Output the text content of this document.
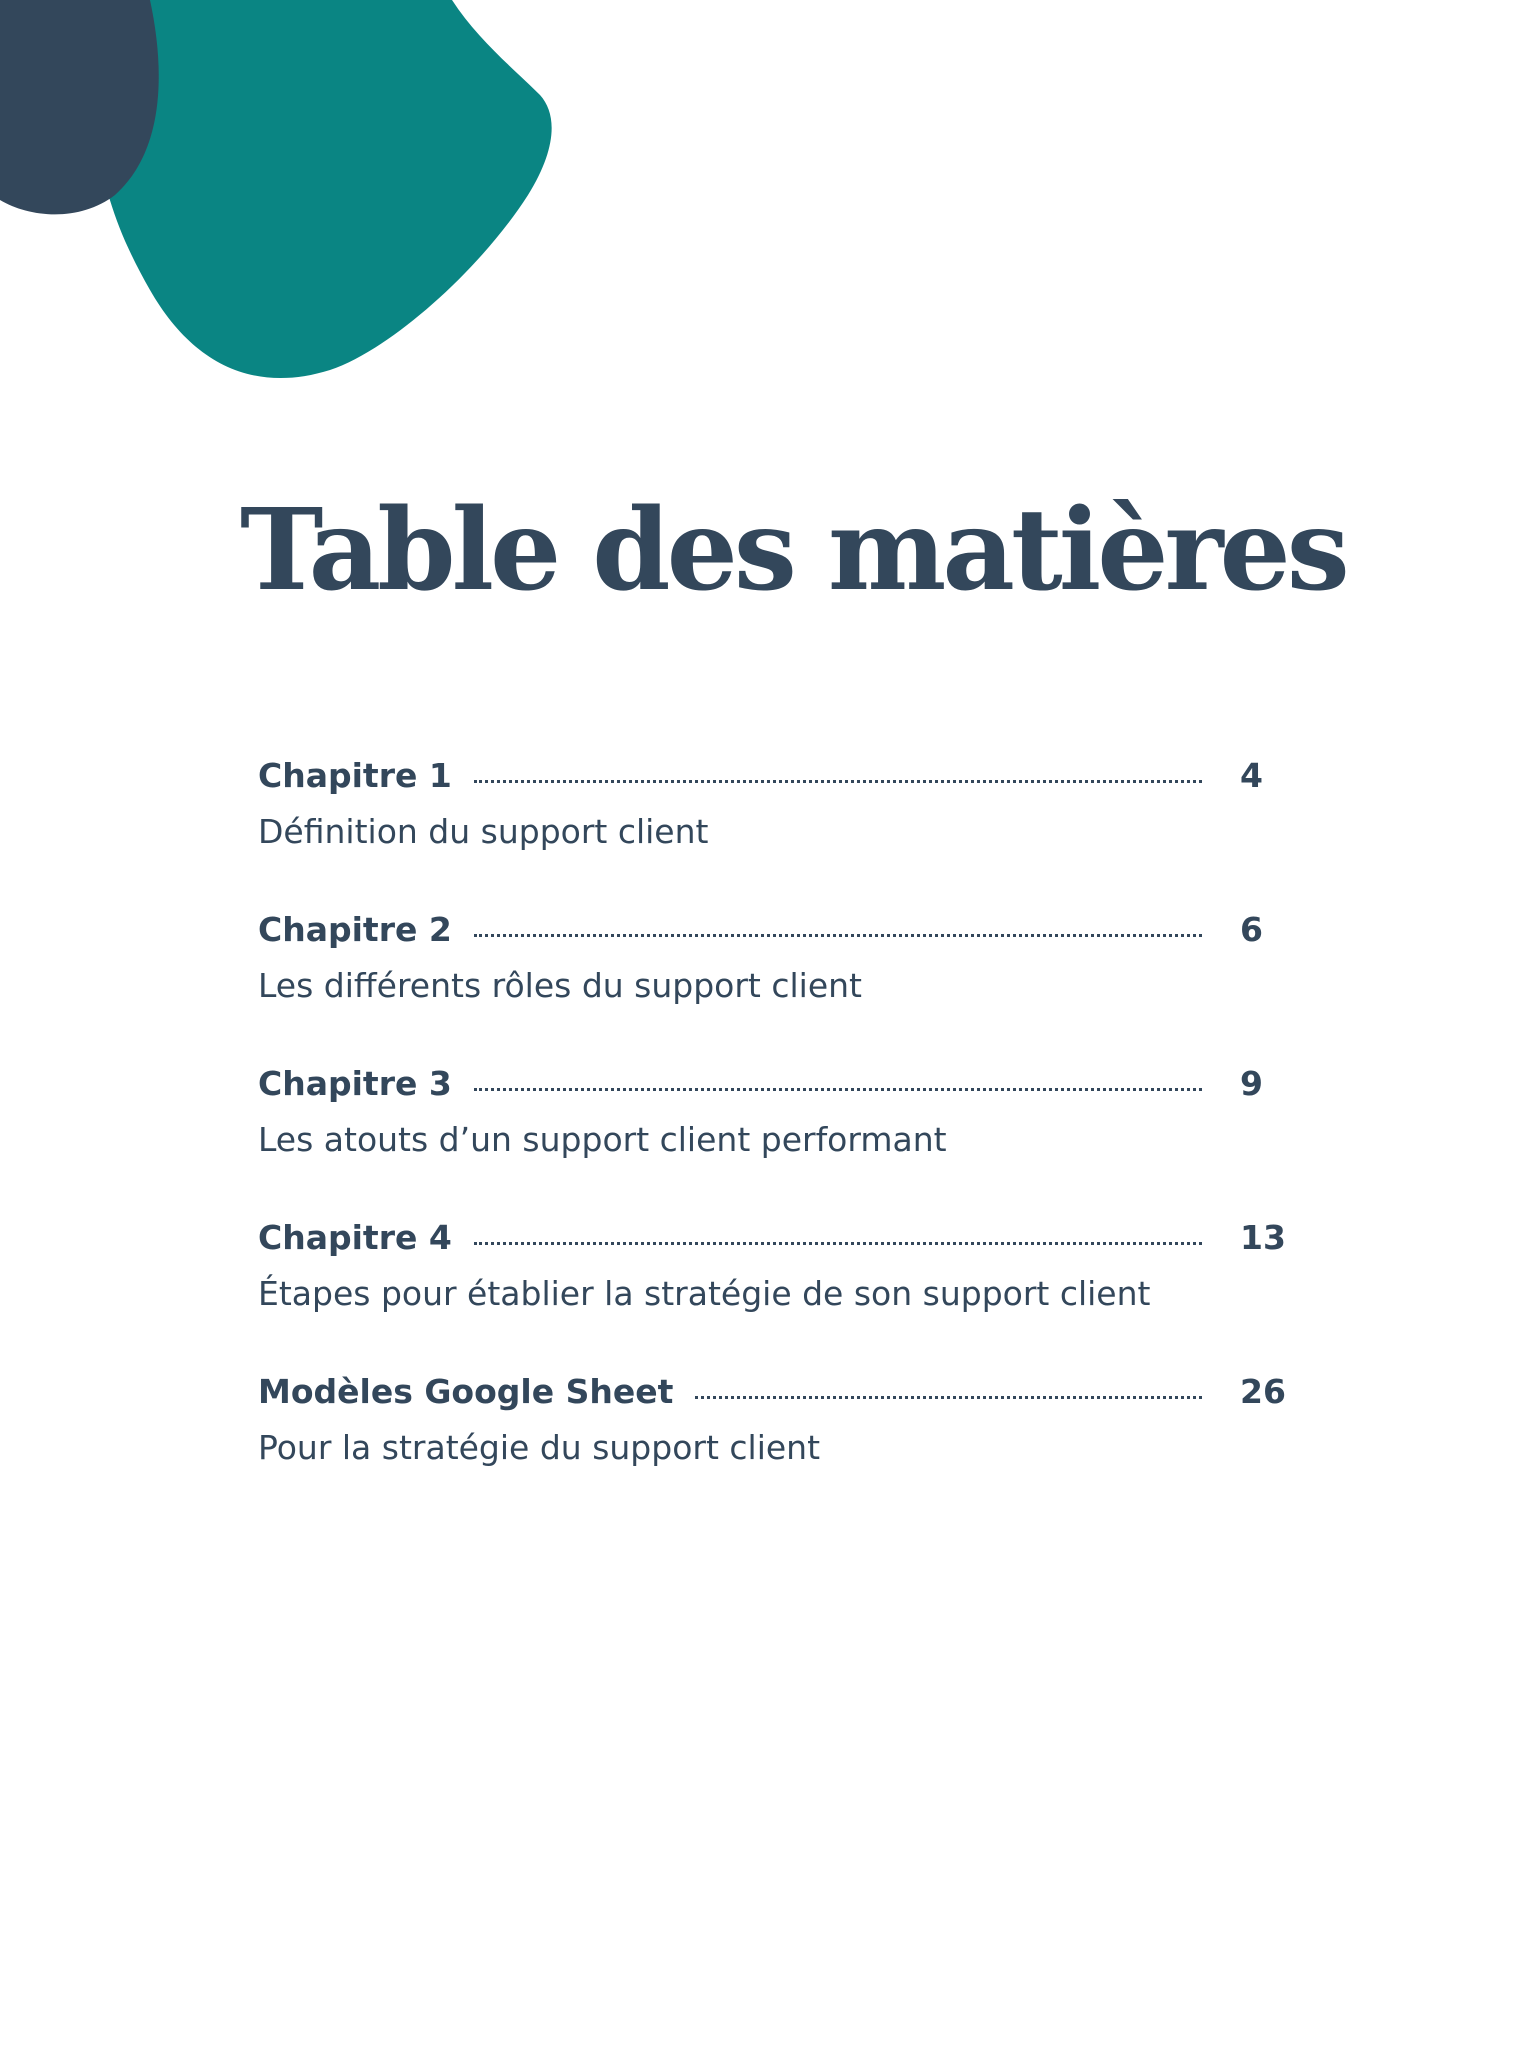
Table des matières
Chapitre 1	4
Définition du support client
Chapitre 2	6
Les différents rôles du support client
Chapitre 3	9
Les atouts d’un support client performant
Chapitre 4	13
Étapes pour établier la stratégie de son support client
Modèles Google Sheet	26
Pour la stratégie du support client
